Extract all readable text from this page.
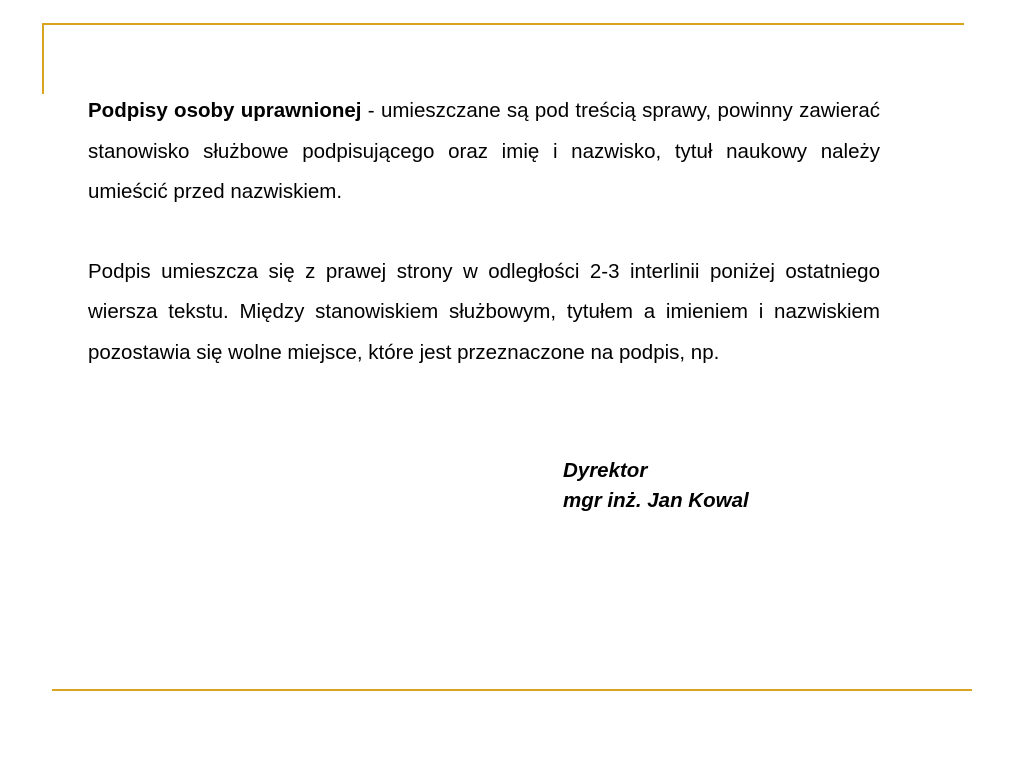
Podpisy osoby uprawnionej - umieszczane są pod treścią sprawy, powinny zawierać stanowisko służbowe podpisującego oraz imię i nazwisko, tytuł naukowy należy umieścić przed nazwiskiem.

Podpis umieszcza się z prawej strony w odległości 2-3 interlinii poniżej ostatniego wiersza tekstu. Między stanowiskiem służbowym, tytułem a imieniem i nazwiskiem pozostawia się wolne miejsce, które jest przeznaczone na podpis, np.

Dyrektor
mgr inż. Jan Kowal
